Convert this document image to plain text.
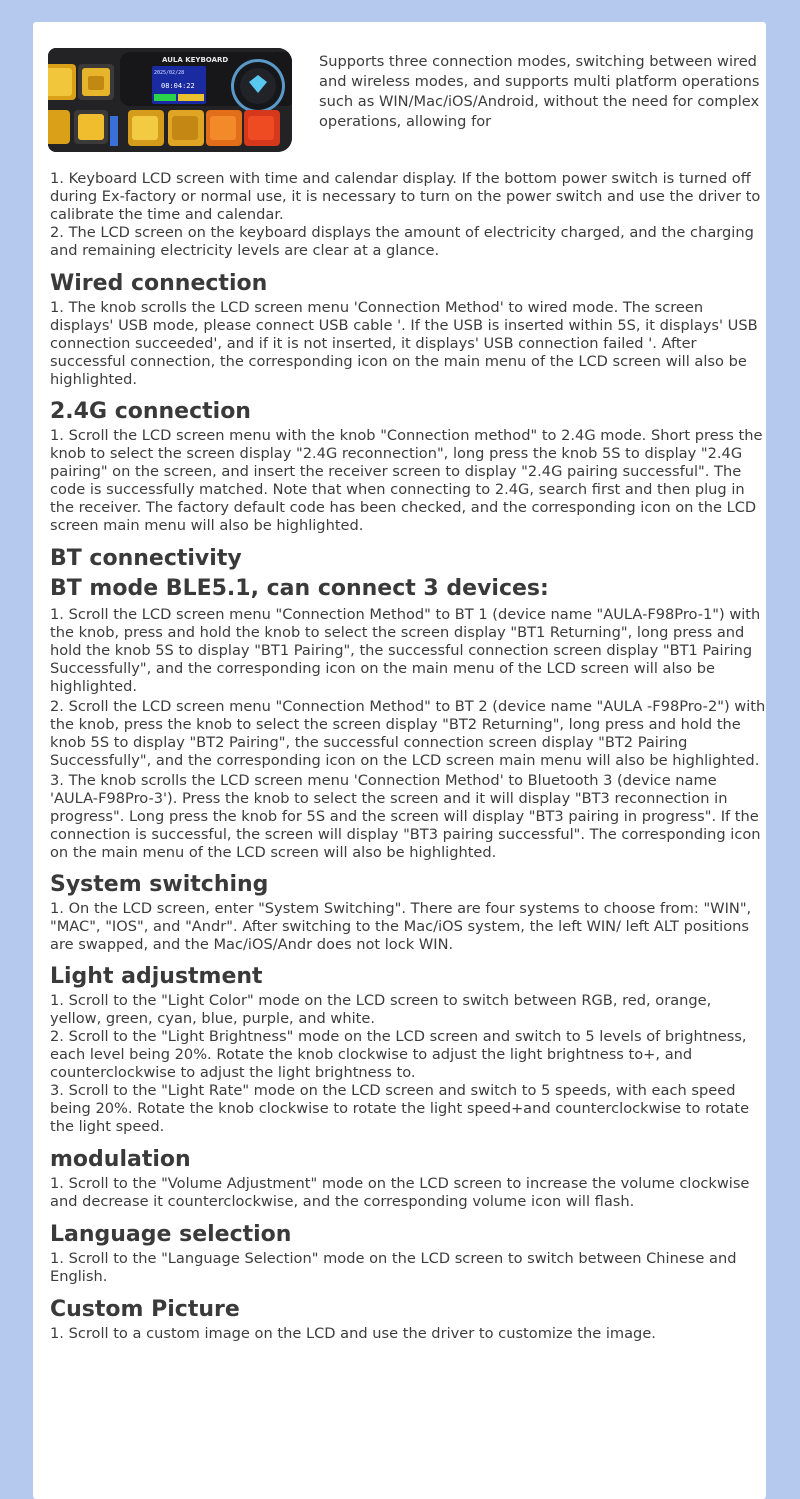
AULA KEYBOARD
2025/02/28
08:04:22
Supports three connection modes, switching between wired and wireless modes, and supports multi platform operations such as WIN/Mac/iOS/Android, without the need for complex operations, allowing for

1. Keyboard LCD screen with time and calendar display. If the bottom power switch is turned off during Ex-factory or normal use, it is necessary to turn on the power switch and use the driver to calibrate the time and calendar.

2. The LCD screen on the keyboard displays the amount of electricity charged, and the charging and remaining electricity levels are clear at a glance.

Wired connection

1. The knob scrolls the LCD screen menu 'Connection Method' to wired mode. The screen displays' USB mode, please connect USB cable '. If the USB is inserted within 5S, it displays' USB connection succeeded', and if it is not inserted, it displays' USB connection failed '. After successful connection, the corresponding icon on the main menu of the LCD screen will also be highlighted.

2.4G connection

1. Scroll the LCD screen menu with the knob "Connection method" to 2.4G mode. Short press the knob to select the screen display "2.4G reconnection", long press the knob 5S to display "2.4G pairing" on the screen, and insert the receiver screen to display "2.4G pairing successful". The code is successfully matched. Note that when connecting to 2.4G, search first and then plug in the receiver. The factory default code has been checked, and the corresponding icon on the LCD screen main menu will also be highlighted.

BT connectivity
BT mode BLE5.1, can connect 3 devices:

1. Scroll the LCD screen menu "Connection Method" to BT 1 (device name "AULA-F98Pro-1") with the knob, press and hold the knob to select the screen display "BT1 Returning", long press and hold the knob 5S to display "BT1 Pairing", the successful connection screen display "BT1 Pairing Successfully", and the corresponding icon on the main menu of the LCD screen will also be highlighted.

2. Scroll the LCD screen menu "Connection Method" to BT 2 (device name "AULA -F98Pro-2") with the knob, press the knob to select the screen display "BT2 Returning", long press and hold the knob 5S to display "BT2 Pairing", the successful connection screen display "BT2 Pairing Successfully", and the corresponding icon on the LCD screen main menu will also be highlighted.

3. The knob scrolls the LCD screen menu 'Connection Method' to Bluetooth 3 (device name 'AULA-F98Pro-3'). Press the knob to select the screen and it will display "BT3 reconnection in progress". Long press the knob for 5S and the screen will display "BT3 pairing in progress". If the connection is successful, the screen will display "BT3 pairing successful". The corresponding icon on the main menu of the LCD screen will also be highlighted.

System switching

1. On the LCD screen, enter "System Switching". There are four systems to choose from: "WIN", "MAC", "IOS", and "Andr". After switching to the Mac/iOS system, the left WIN/ left ALT positions are swapped, and the Mac/iOS/Andr does not lock WIN.

Light adjustment

1. Scroll to the "Light Color" mode on the LCD screen to switch between RGB, red, orange, yellow, green, cyan, blue, purple, and white.

2. Scroll to the "Light Brightness" mode on the LCD screen and switch to 5 levels of brightness, each level being 20%. Rotate the knob clockwise to adjust the light brightness to+, and counterclockwise to adjust the light brightness to.

3. Scroll to the "Light Rate" mode on the LCD screen and switch to 5 speeds, with each speed being 20%. Rotate the knob clockwise to rotate the light speed+and counterclockwise to rotate the light speed.

modulation

1. Scroll to the "Volume Adjustment" mode on the LCD screen to increase the volume clockwise and decrease it counterclockwise, and the corresponding volume icon will flash.

Language selection

1. Scroll to the "Language Selection" mode on the LCD screen to switch between Chinese and English.

Custom Picture

1. Scroll to a custom image on the LCD and use the driver to customize the image.
